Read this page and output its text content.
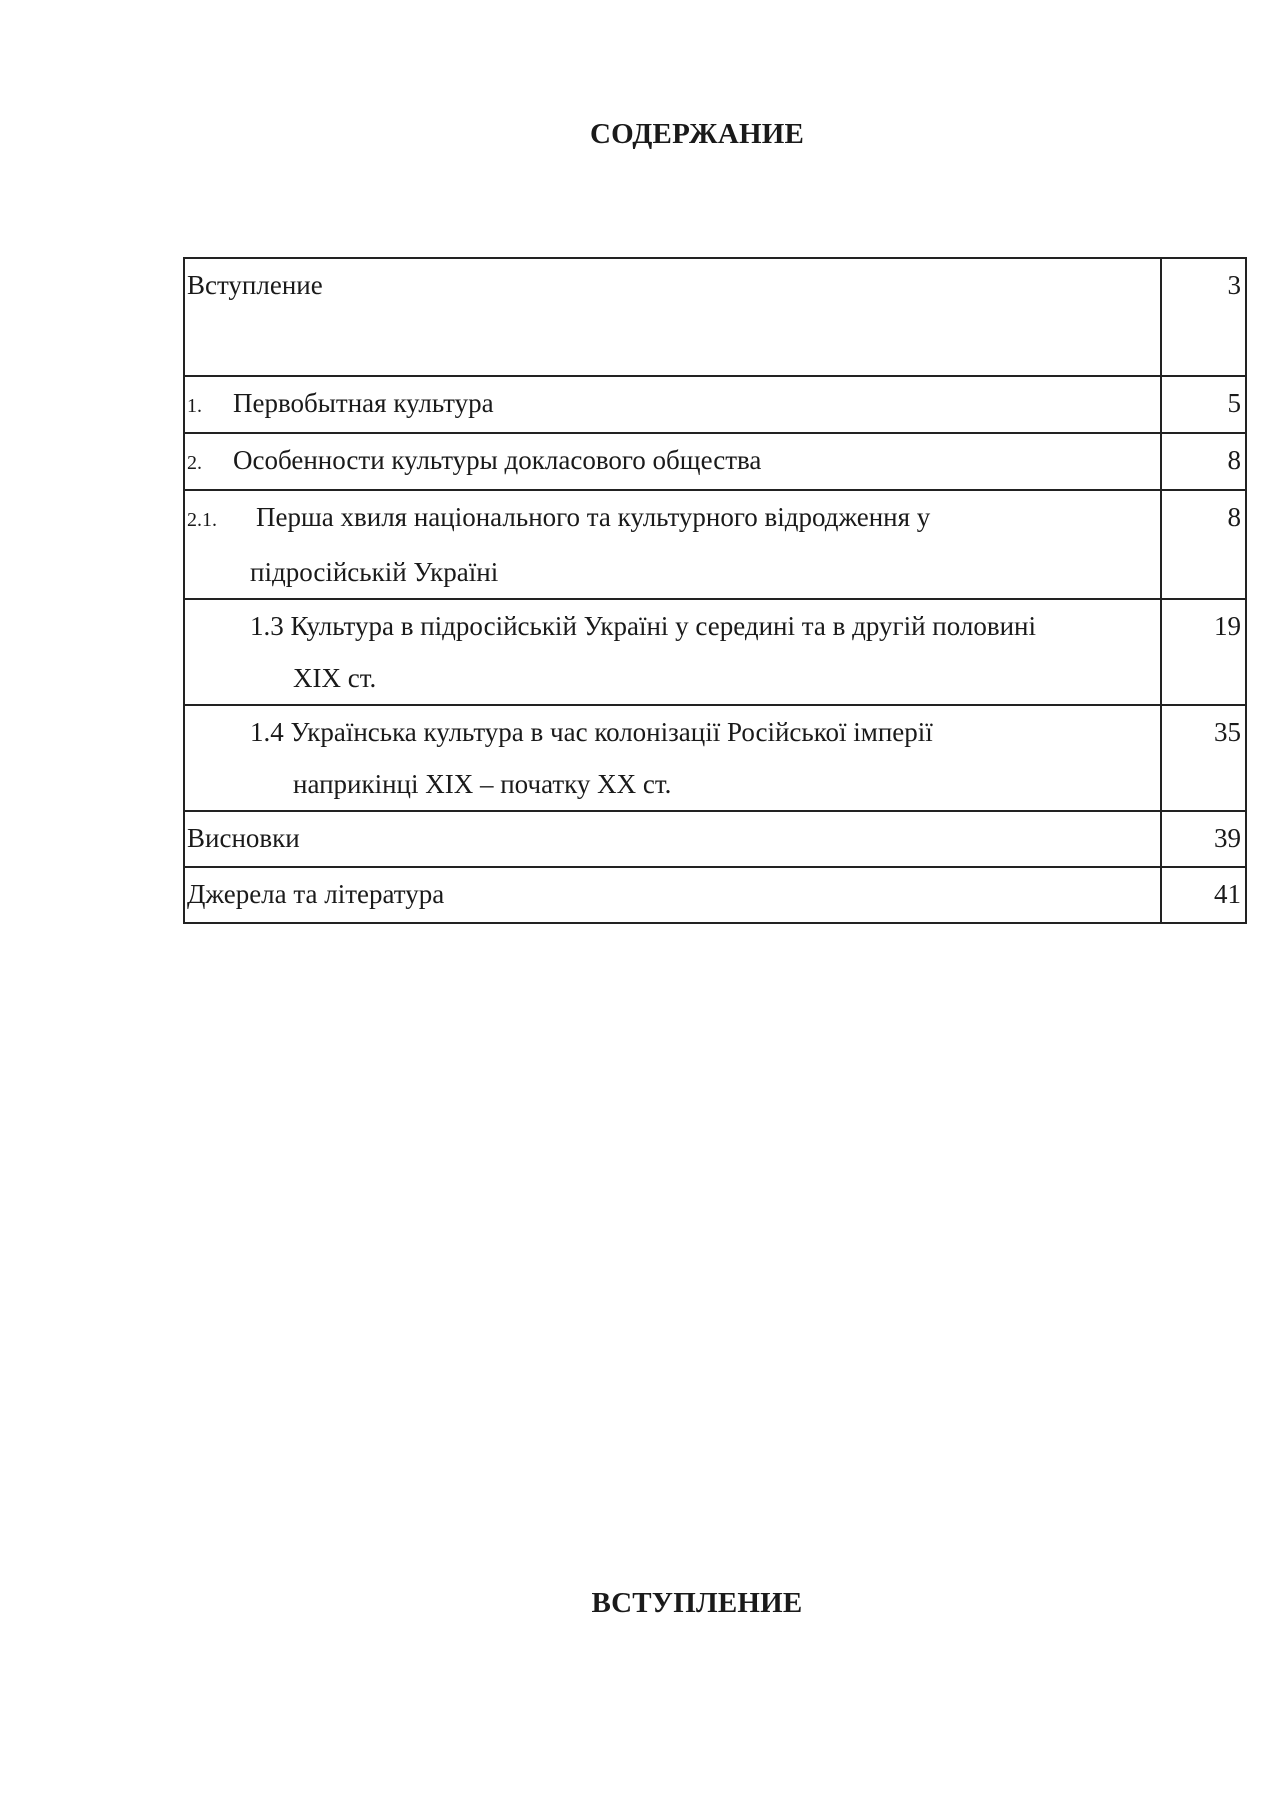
СОДЕРЖАНИЕ
Вступление	3
1. Первобытная культура	5
2. Особенности культуры докласового общества	8
2.1. Перша хвиля національного та культурного відродження у
підросійській Україні	8

1.3 Культура в підросійській Україні у середині та в другій половині
XIX ст.	19

1.4 Українська культура в час колонізації Російської імперії
наприкінці XIX – початку XX ст.	35
Висновки	39
Джерела та література	41
ВСТУПЛЕНИЕ
